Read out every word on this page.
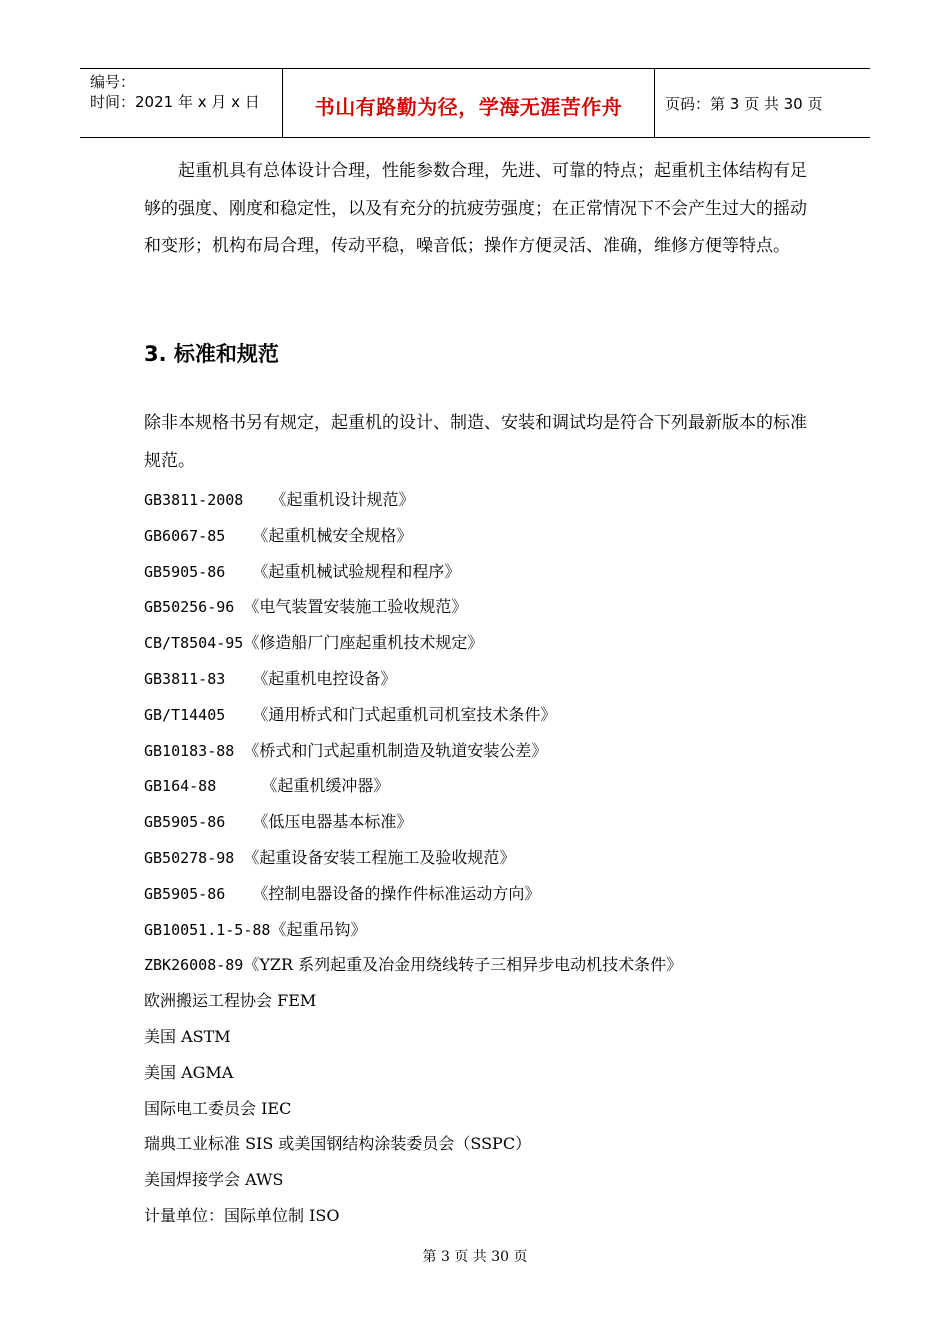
编号：
时间：2021 年 x 月 x 日	书山有路勤为径，学海无涯苦作舟	页码：第 3 页 共 30 页

起重机具有总体设计合理，性能参数合理，先进、可靠的特点；起重机主体结构有足够的强度、刚度和稳定性，以及有充分的抗疲劳强度；在正常情况下不会产生过大的摇动和变形；机构布局合理，传动平稳，噪音低；操作方便灵活、准确，维修方便等特点。

3. 标准和规范

除非本规格书另有规定，起重机的设计、制造、安装和调试均是符合下列最新版本的标准规范。

GB3811-2008   《起重机设计规范》
GB6067-85   《起重机械安全规格》
GB5905-86   《起重机械试验规程和程序》
GB50256-96 《电气装置安装施工验收规范》
CB/T8504-95《修造船厂门座起重机技术规定》
GB3811-83   《起重机电控设备》
GB/T14405   《通用桥式和门式起重机司机室技术条件》
GB10183-88 《桥式和门式起重机制造及轨道安装公差》
GB164-88     《起重机缓冲器》
GB5905-86   《低压电器基本标准》
GB50278-98 《起重设备安装工程施工及验收规范》
GB5905-86   《控制电器设备的操作件标准运动方向》
GB10051.1-5-88《起重吊钩》
ZBK26008-89《YZR 系列起重及冶金用绕线转子三相异步电动机技术条件》
欧洲搬运工程协会 FEM
美国 ASTM
美国 AGMA
国际电工委员会 IEC
瑞典工业标准 SIS 或美国钢结构涂装委员会（SSPC）
美国焊接学会 AWS
计量单位：国际单位制 ISO
第 3 页 共 30 页
